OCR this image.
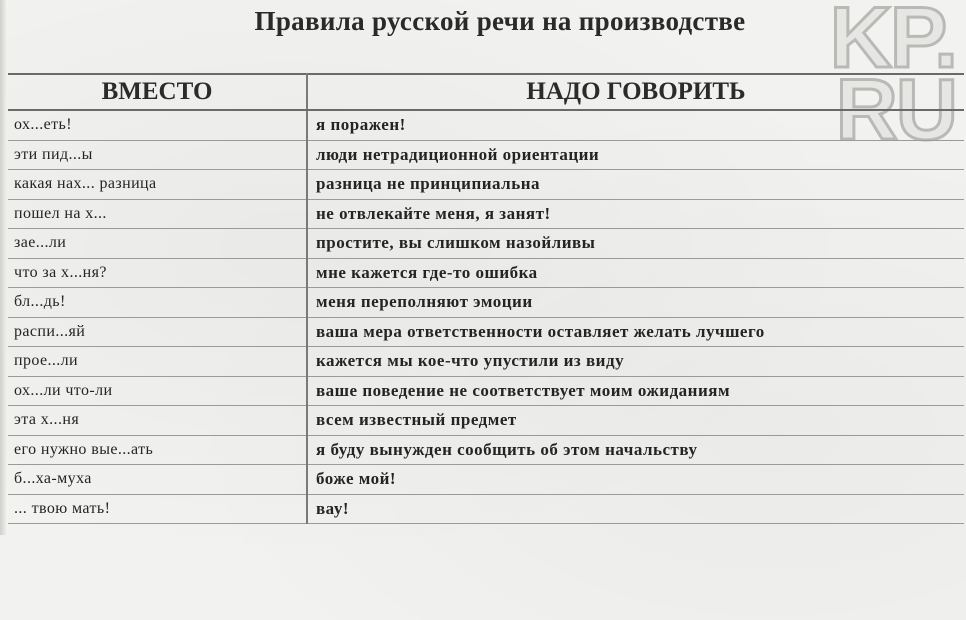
Правила русской речи на производстве KP.
RU
ВМЕСТО	НАДО ГОВОРИТЬ
ох...еть!	я поражен!
эти пид...ы	люди нетрадиционной ориентации
какая нах... разница	разница не принципиальна
пошел на х...	не отвлекайте меня, я занят!
зае...ли	простите, вы слишком назойливы
что за х...ня?	мне кажется где-то ошибка
бл...дь!	меня переполняют эмоции
распи...яй	ваша мера ответственности оставляет желать лучшего
прое...ли	кажется мы кое-что упустили из виду
ох...ли что-ли	ваше поведение не соответствует моим ожиданиям
эта х...ня	всем известный предмет
его нужно вые...ать	я буду вынужден сообщить об этом начальству
б...ха-муха	боже мой!
... твою мать!	вау!
